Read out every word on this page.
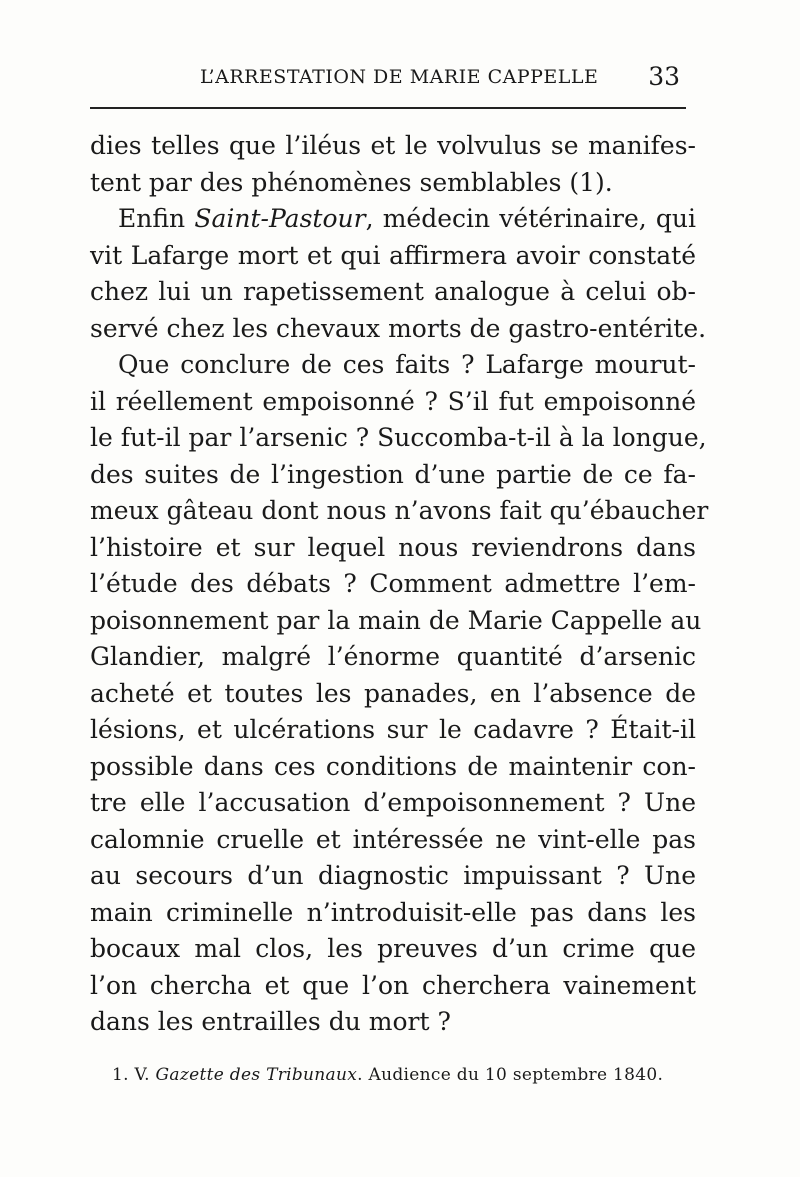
L’ARRESTATION DE MARIE CAPPELLE 33
dies telles que l’iléus et le volvulus se manifes-
tent par des phénomènes semblables (1).
Enfin Saint-Pastour, médecin vétérinaire, qui
vit Lafarge mort et qui affirmera avoir constaté
chez lui un rapetissement analogue à celui ob-
servé chez les chevaux morts de gastro-entérite.
Que conclure de ces faits ? Lafarge mourut-
il réellement empoisonné ? S’il fut empoisonné
le fut-il par l’arsenic ? Succomba-t-il à la longue,
des suites de l’ingestion d’une partie de ce fa-
meux gâteau dont nous n’avons fait qu’ébaucher
l’histoire et sur lequel nous reviendrons dans
l’étude des débats ? Comment admettre l’em-
poisonnement par la main de Marie Cappelle au
Glandier, malgré l’énorme quantité d’arsenic
acheté et toutes les panades, en l’absence de
lésions, et ulcérations sur le cadavre ? Était-il
possible dans ces conditions de maintenir con-
tre elle l’accusation d’empoisonnement ? Une
calomnie cruelle et intéressée ne vint-elle pas
au secours d’un diagnostic impuissant ? Une
main criminelle n’introduisit-elle pas dans les
bocaux mal clos, les preuves d’un crime que
l’on chercha et que l’on cherchera vainement
dans les entrailles du mort ?
1. V. Gazette des Tribunaux. Audience du 10 septembre 1840.
